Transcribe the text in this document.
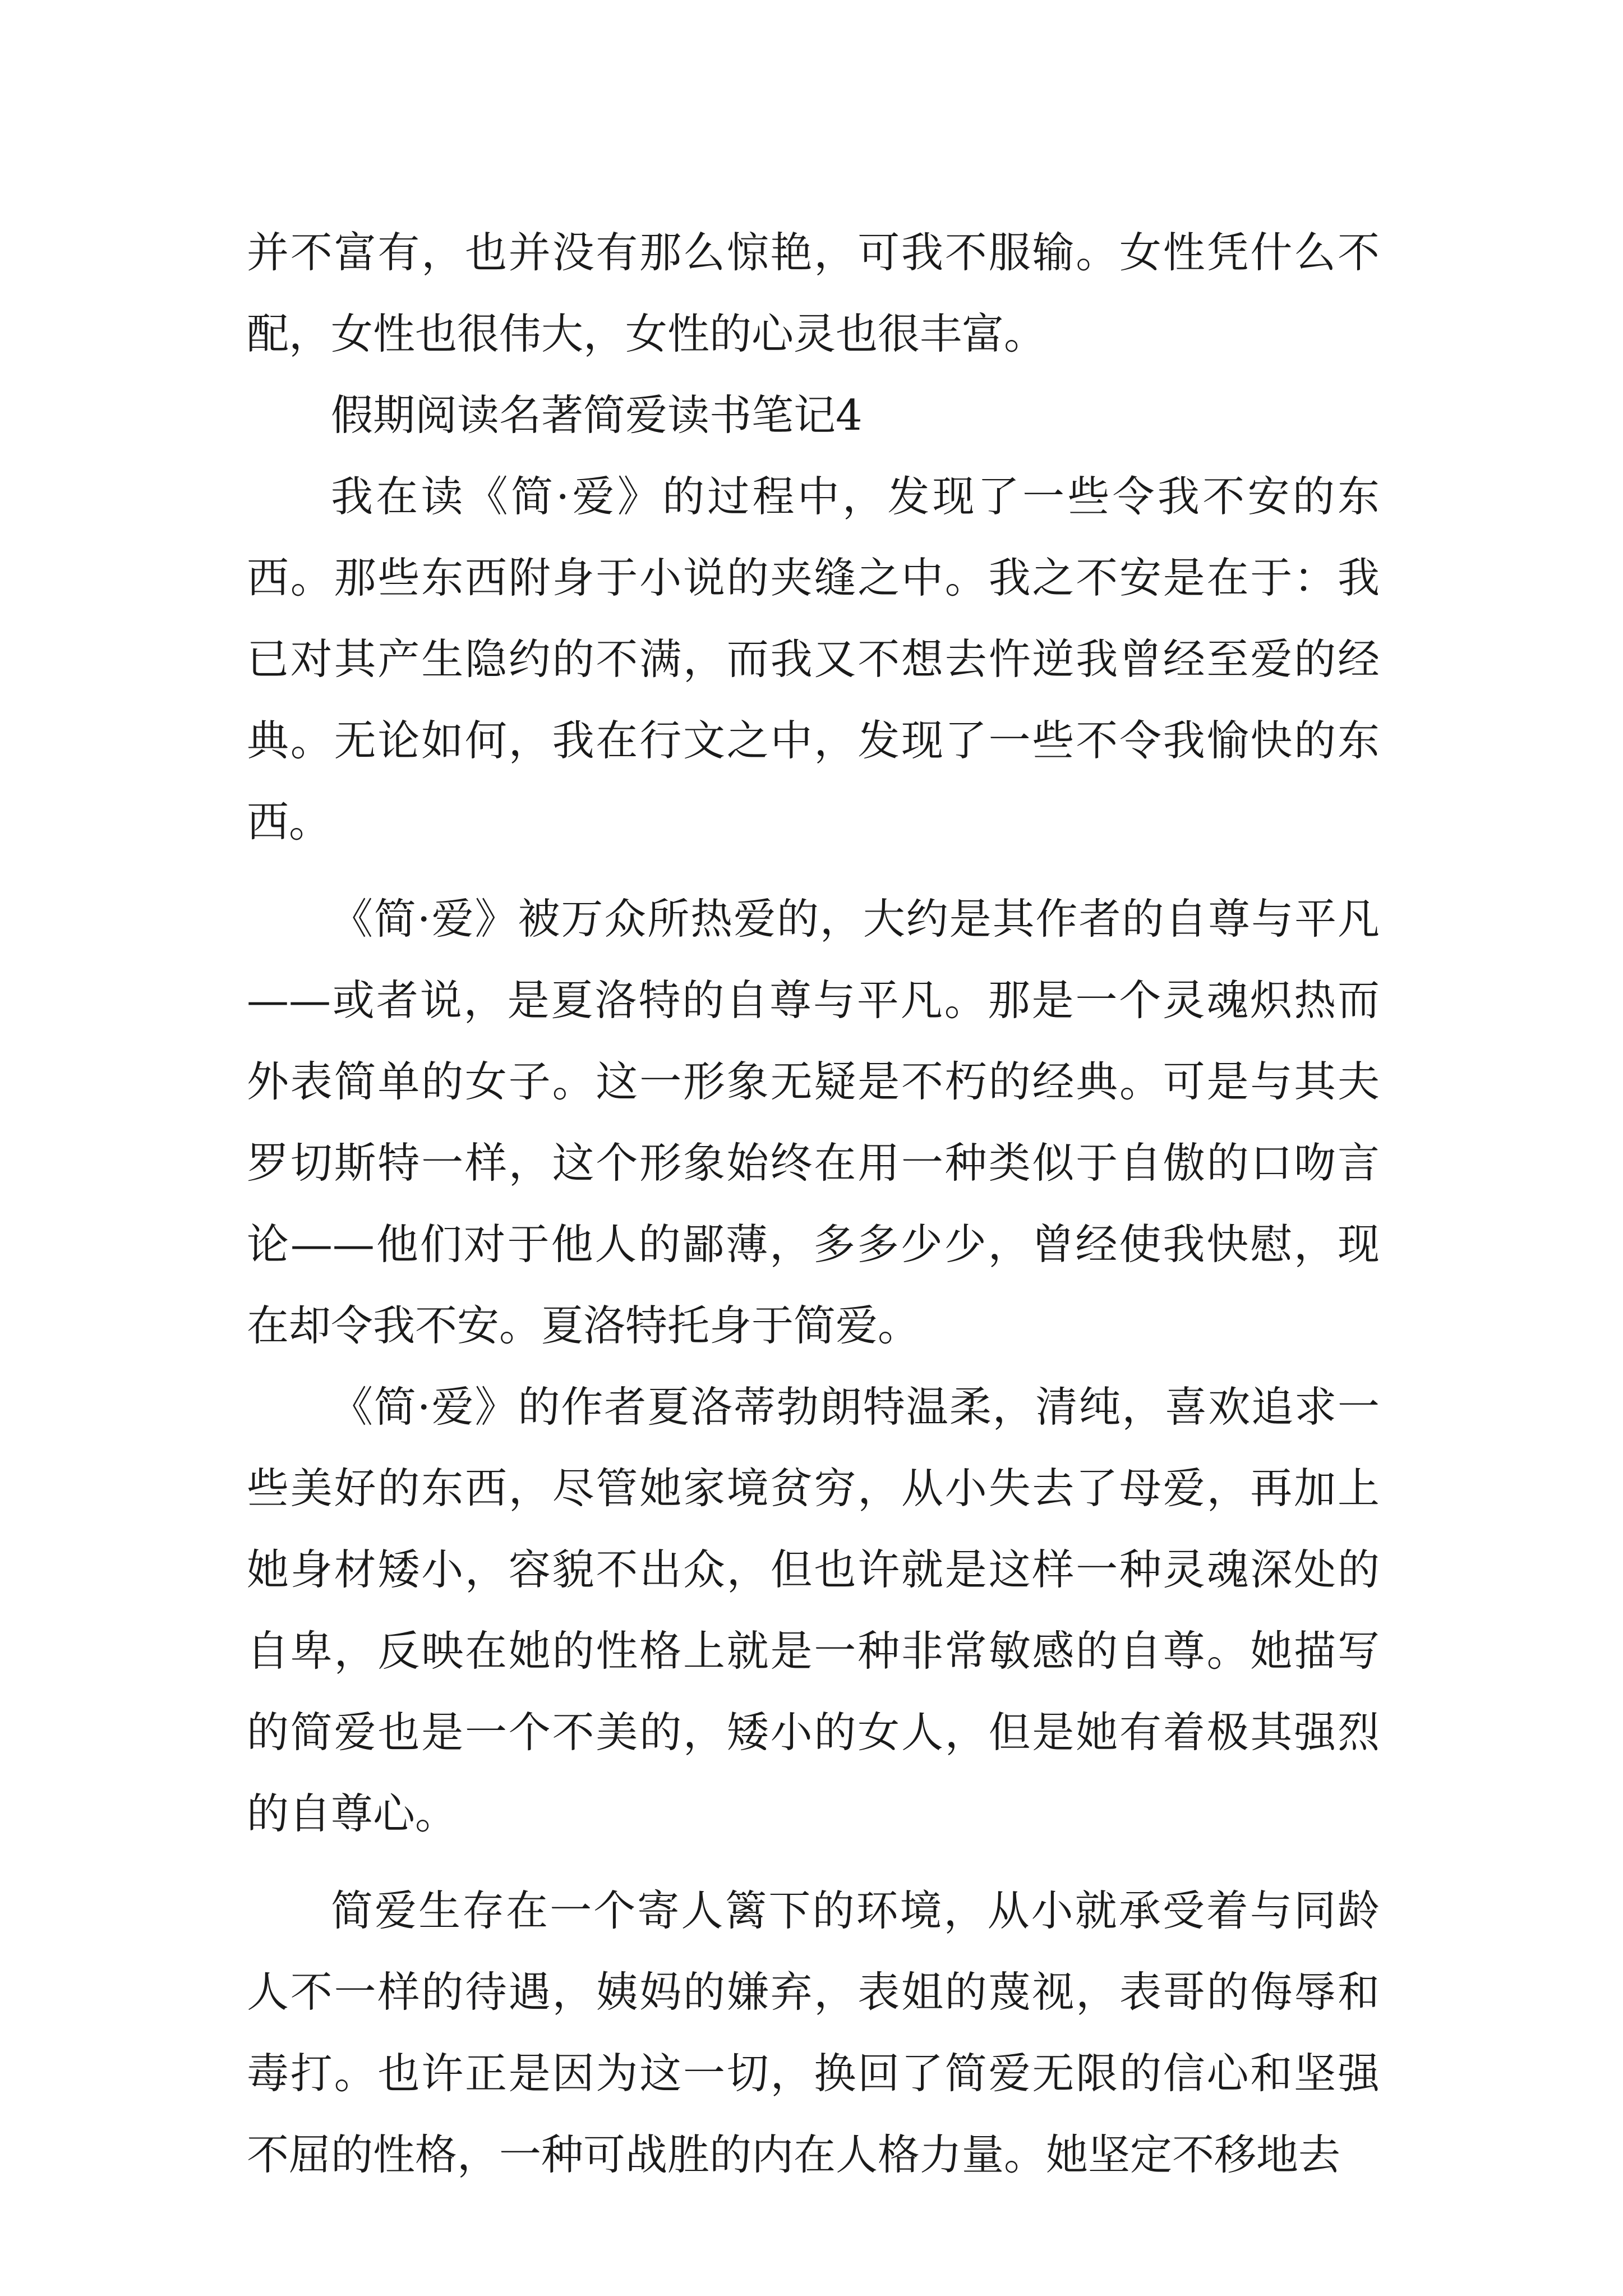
并不富有，也并没有那么惊艳，可我不服输。女性凭什么不配，女性也很伟大，女性的心灵也很丰富。

假期阅读名著简爱读书笔记4

我在读《简·爱》的过程中，发现了一些令我不安的东西。那些东西附身于小说的夹缝之中。我之不安是在于：我已对其产生隐约的不满，而我又不想去忤逆我曾经至爱的经典。无论如何，我在行文之中，发现了一些不令我愉快的东西。

《简·爱》被万众所热爱的，大约是其作者的自尊与平凡——或者说，是夏洛特的自尊与平凡。那是一个灵魂炽热而外表简单的女子。这一形象无疑是不朽的经典。可是与其夫罗切斯特一样，这个形象始终在用一种类似于自傲的口吻言论——他们对于他人的鄙薄，多多少少，曾经使我快慰，现在却令我不安。夏洛特托身于简爱。

《简·爱》的作者夏洛蒂勃朗特温柔，清纯，喜欢追求一些美好的东西，尽管她家境贫穷，从小失去了母爱，再加上她身材矮小，容貌不出众，但也许就是这样一种灵魂深处的自卑，反映在她的性格上就是一种非常敏感的自尊。她描写的简爱也是一个不美的，矮小的女人，但是她有着极其强烈的自尊心。

简爱生存在一个寄人篱下的环境，从小就承受着与同龄人不一样的待遇，姨妈的嫌弃，表姐的蔑视，表哥的侮辱和毒打。也许正是因为这一切，换回了简爱无限的信心和坚强不屈的性格，一种可战胜的内在人格力量。她坚定不移地去
